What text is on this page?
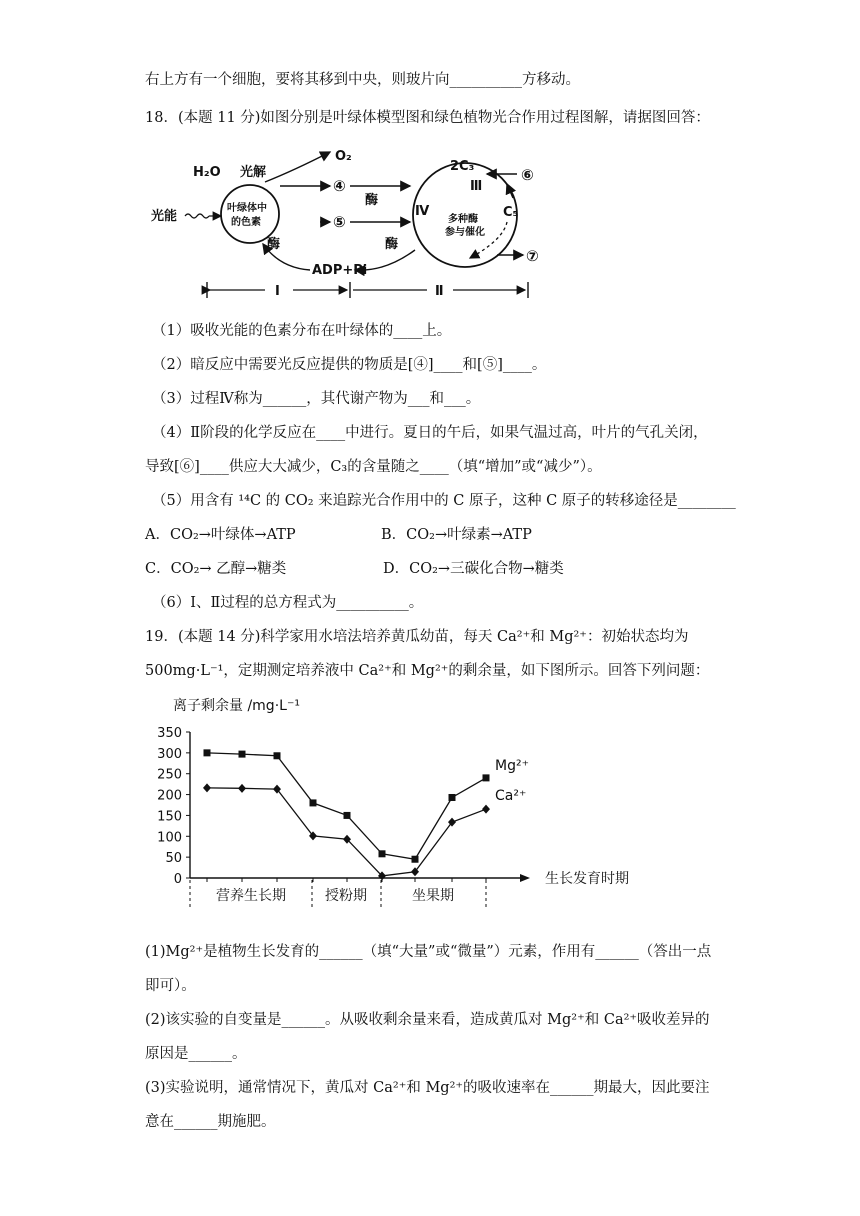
右上方有一个细胞，要将其移到中央，则玻片向__________方移动。
18．(本题 11 分)如图分别是叶绿体模型图和绿色植物光合作用过程图解，请据图回答：
H₂O 光解
O₂
④
酶
光能
叶绿体中
的色素	⑤
酶	酶
ADP+Pi
2C₃
Ⅲ
Ⅳ	C₅
多种酶
参与催化
⑥
⑦
Ⅰ	Ⅱ
（1）吸收光能的色素分布在叶绿体的____上。
（2）暗反应中需要光反应提供的物质是[④]____和[⑤]____。
（3）过程Ⅳ称为______，其代谢产物为___和___。
（4）Ⅱ阶段的化学反应在____中进行。夏日的午后，如果气温过高，叶片的气孔关闭，
导致[⑥]____供应大大减少，C₃的含量随之____（填“增加”或“减少”）。
（5）用含有 ¹⁴C 的 CO₂ 来追踪光合作用中的 C 原子，这种 C 原子的转移途径是________
A．CO₂→叶绿体→ATP	B．CO₂→叶绿素→ATP
C．CO₂→ 乙醇→糖类	D．CO₂→三碳化合物→糖类
（6）Ⅰ、Ⅱ过程的总方程式为__________。
19．(本题 14 分)科学家用水培法培养黄瓜幼苗，每天 Ca²⁺和 Mg²⁺：初始状态均为
500mg·L⁻¹，定期测定培养液中 Ca²⁺和 Mg²⁺的剩余量，如下图所示。回答下列问题：
离子剩余量 /mg·L⁻¹
生长发育时期
0
50
100
150
200
250
300
350
营养生长期	授粉期	坐果期
Mg²⁺
Ca²⁺
(1)Mg²⁺是植物生长发育的______（填“大量”或“微量”）元素，作用有______（答出一点
即可）。
(2)该实验的自变量是______。从吸收剩余量来看，造成黄瓜对 Mg²⁺和 Ca²⁺吸收差异的
原因是______。
(3)实验说明，通常情况下，黄瓜对 Ca²⁺和 Mg²⁺的吸收速率在______期最大，因此要注
意在______期施肥。
